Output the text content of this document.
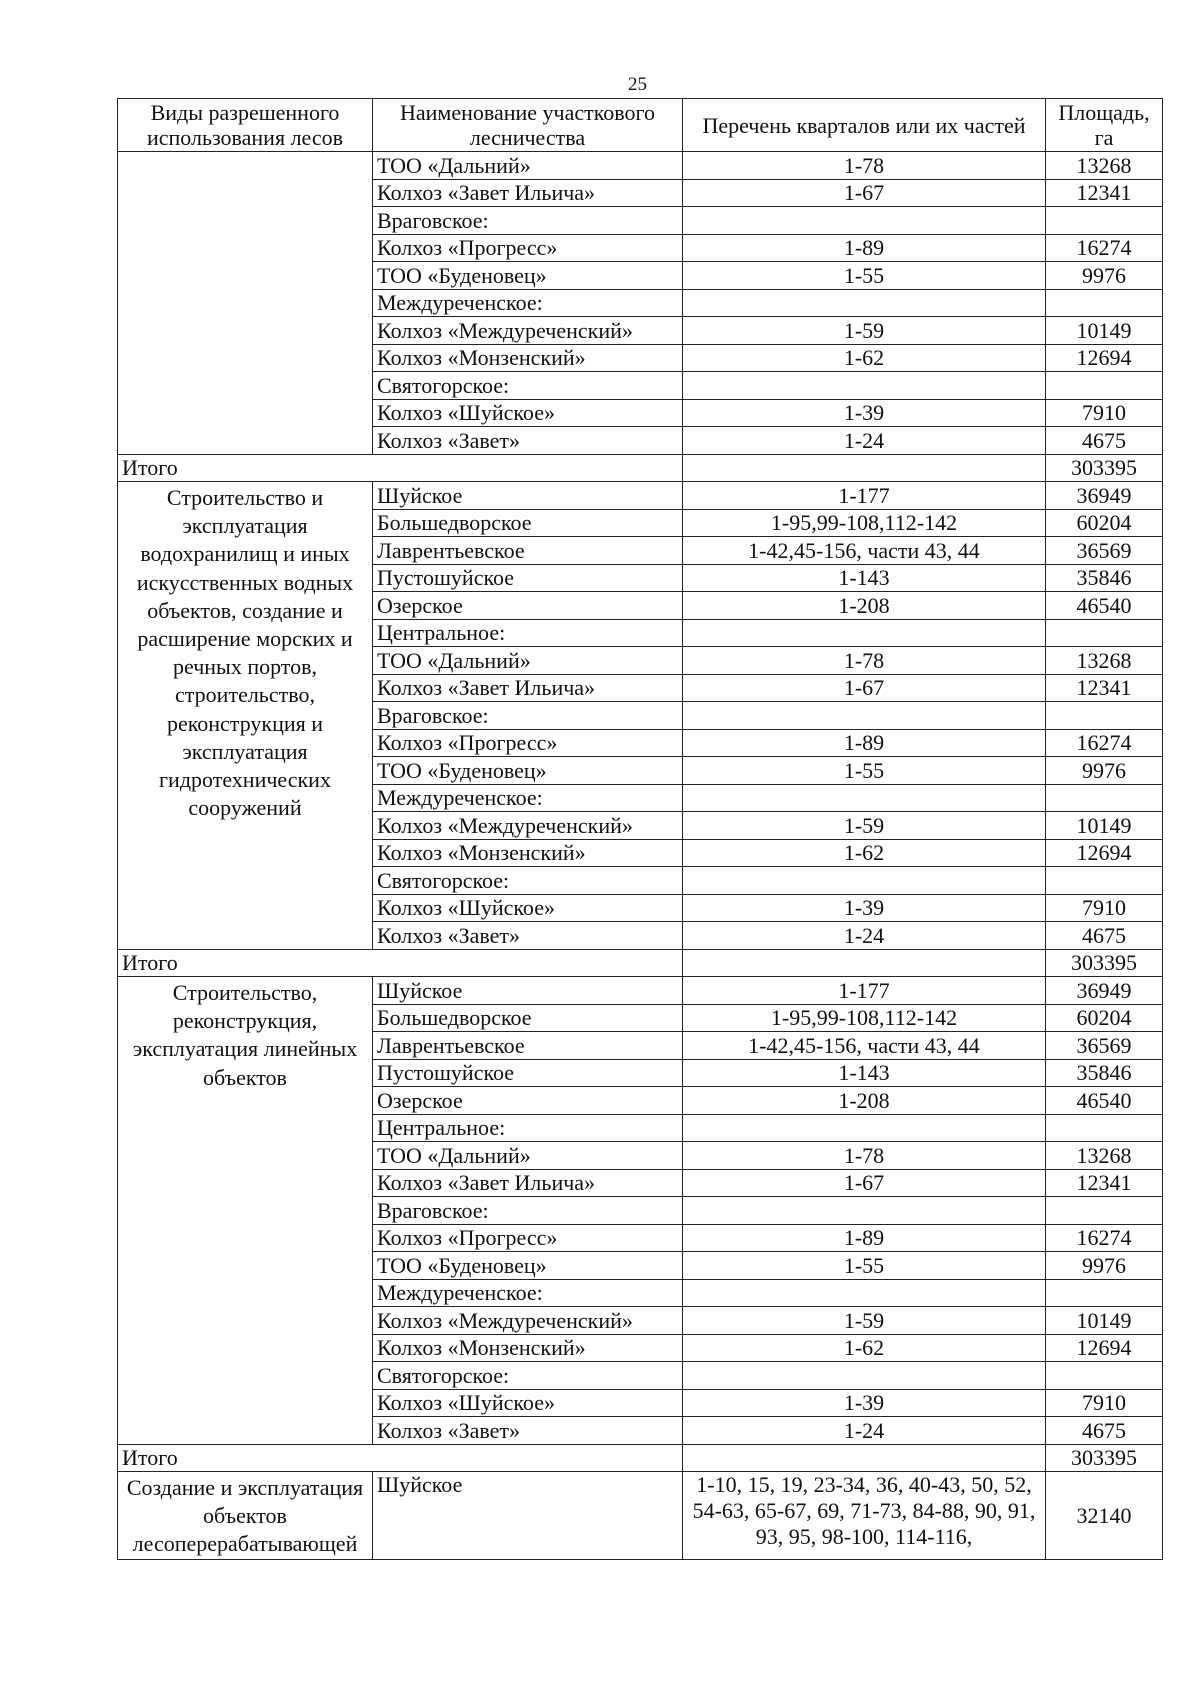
25
Виды разрешенного использования лесов	Наименование участкового лесничества	Перечень кварталов или их частей	Площадь, га
	ТОО «Дальний»	1-78	13268
	Колхоз «Завет Ильича»	1-67	12341
	Враговское:		
	Колхоз «Прогресс»	1-89	16274
	ТОО «Буденовец»	1-55	9976
	Междуреченское:		
	Колхоз «Междуреченский»	1-59	10149
	Колхоз «Монзенский»	1-62	12694
	Святогорское:		
	Колхоз «Шуйское»	1-39	7910
	Колхоз «Завет»	1-24	4675
Итого			303395
Строительство и эксплуатация водохранилищ и иных искусственных водных объектов, создание и расширение морских и речных портов, строительство, реконструкция и эксплуатация гидротехнических сооружений	Шуйское	1-177	36949
	Большедворское	1-95,99-108,112-142	60204
	Лаврентьевское	1-42,45-156, части 43, 44	36569
	Пустошуйское	1-143	35846
	Озерское	1-208	46540
	Центральное:		
	ТОО «Дальний»	1-78	13268
	Колхоз «Завет Ильича»	1-67	12341
	Враговское:		
	Колхоз «Прогресс»	1-89	16274
	ТОО «Буденовец»	1-55	9976
	Междуреченское:		
	Колхоз «Междуреченский»	1-59	10149
	Колхоз «Монзенский»	1-62	12694
	Святогорское:		
	Колхоз «Шуйское»	1-39	7910
	Колхоз «Завет»	1-24	4675
Итого			303395
Строительство, реконструкция, эксплуатация линейных объектов	Шуйское	1-177	36949
	Большедворское	1-95,99-108,112-142	60204
	Лаврентьевское	1-42,45-156, части 43, 44	36569
	Пустошуйское	1-143	35846
	Озерское	1-208	46540
	Центральное:		
	ТОО «Дальний»	1-78	13268
	Колхоз «Завет Ильича»	1-67	12341
	Враговское:		
	Колхоз «Прогресс»	1-89	16274
	ТОО «Буденовец»	1-55	9976
	Междуреченское:		
	Колхоз «Междуреченский»	1-59	10149
	Колхоз «Монзенский»	1-62	12694
	Святогорское:		
	Колхоз «Шуйское»	1-39	7910
	Колхоз «Завет»	1-24	4675
Итого			303395
Создание и эксплуатация объектов лесоперерабатывающей	Шуйское	1-10, 15, 19, 23-34, 36, 40-43, 50, 52, 54-63, 65-67, 69, 71-73, 84-88, 90, 91, 93, 95, 98-100, 114-116,	32140
